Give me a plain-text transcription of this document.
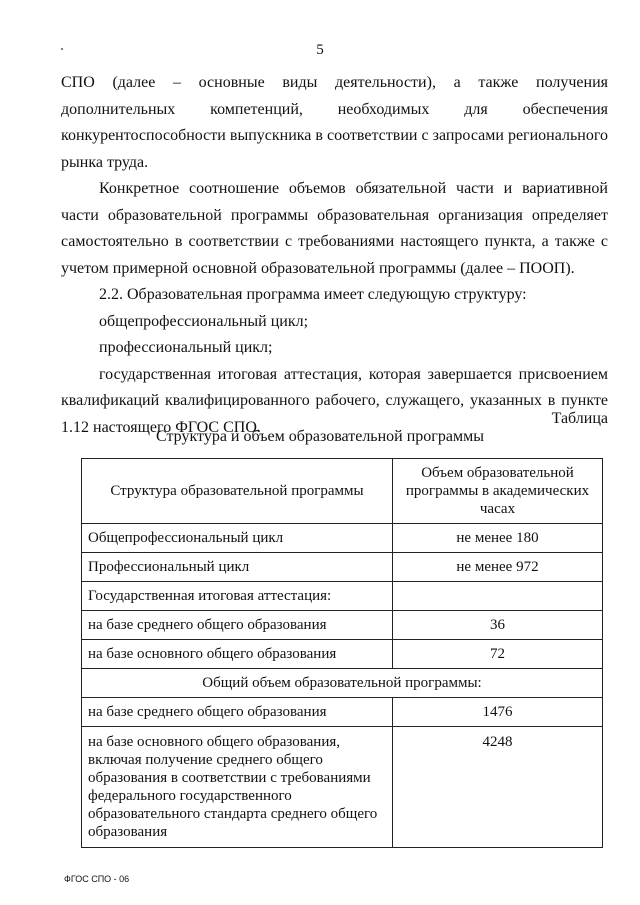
5

СПО (далее – основные виды деятельности), а также получения дополнительных компетенций, необходимых для обеспечения конкурентоспособности выпускника в соответствии с запросами регионального рынка труда.

Конкретное соотношение объемов обязательной части и вариативной части образовательной программы образовательная организация определяет самостоятельно в соответствии с требованиями настоящего пункта, а также с учетом примерной основной образовательной программы (далее – ПООП).

2.2. Образовательная программа имеет следующую структуру:

общепрофессиональный цикл;

профессиональный цикл;

государственная итоговая аттестация, которая завершается присвоением квалификаций квалифицированного рабочего, служащего, указанных в пункте 1.12 настоящего ФГОС СПО.	Таблица
Структура и объем образовательной программы
Структура образовательной программы	Объем образовательной программы в академических часах
Общепрофессиональный цикл	не менее 180
Профессиональный цикл	не менее 972
Государственная итоговая аттестация:	
на базе среднего общего образования	36
на базе основного общего образования	72
Общий объем образовательной программы:	
на базе среднего общего образования	1476
на базе основного общего образования, включая получение среднего общего образования в соответствии с требованиями федерального государственного образовательного стандарта среднего общего образования	4248
ФГОС СПО - 06
